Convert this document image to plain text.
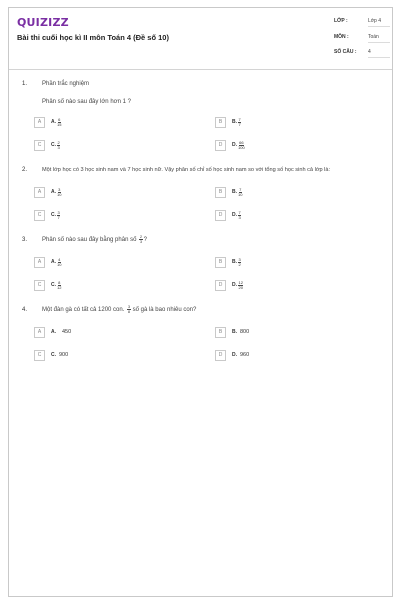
QUIZIZZ
Bài thi cuối học kì II môn Toán 4 (Đề số 10)
LỚP :	Lớp 4
MÔN :	Toán
SỐ CÂU : 4
1. Phần trắc nghiệm
Phân số nào sau đây lớn hơn 1 ?
A	A. $\frac{6}{15}$	B	B. $\frac{7}{7}$
C	C. $\frac{2}{3}$	D	D. $\frac{66}{100}$
2.	Một lớp học có 3 học sinh nam và 7 học sinh nữ. Vậy phân số chỉ số học sinh nam so với tổng số học sinh cả lớp là:
A	A. $\frac{3}{10}$	B	B. $\frac{7}{10}$
C	C. $\frac{3}{7}$	D	D. $\frac{7}{3}$
3. Phân số nào sau đây bằng phân số $\frac{2}{3}$ ?
A	A. $\frac{4}{10}$	B	B. $\frac{3}{2}$
C	C. $\frac{8}{12}$	D	D. $\frac{12}{20}$
4. Một đàn gà có tất cả 1200 con. $\frac{3}{8}$ số gà là bao nhiêu con?
A	A. 450	B	B. 800
C	C. 900	D	D. 960
